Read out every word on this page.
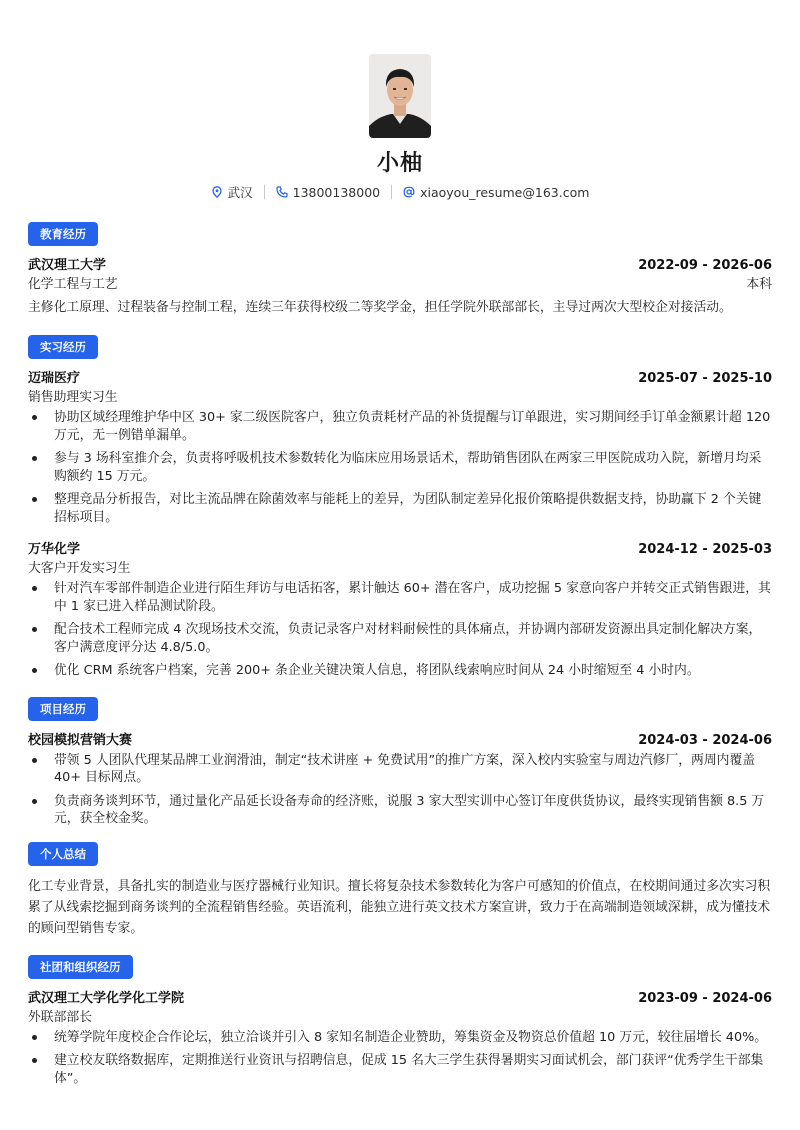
小柚
武汉	13800138000	xiaoyou_resume@163.com
教育经历
武汉理工大学	2022-09 - 2026-06
化学工程与工艺	本科
主修化工原理、过程装备与控制工程，连续三年获得校级二等奖学金，担任学院外联部部长，主导过两次大型校企对接活动。
实习经历
迈瑞医疗	2025-07 - 2025-10
销售助理实习生
协助区域经理维护华中区 30+ 家二级医院客户，独立负责耗材产品的补货提醒与订单跟进，实习期间经手订单金额累计超 120 万元，无一例错单漏单。
参与 3 场科室推介会，负责将呼吸机技术参数转化为临床应用场景话术，帮助销售团队在两家三甲医院成功入院，新增月均采购额约 15 万元。
整理竞品分析报告，对比主流品牌在除菌效率与能耗上的差异，为团队制定差异化报价策略提供数据支持，协助赢下 2 个关键招标项目。
万华化学	2024-12 - 2025-03
大客户开发实习生
针对汽车零部件制造企业进行陌生拜访与电话拓客，累计触达 60+ 潜在客户，成功挖掘 5 家意向客户并转交正式销售跟进，其中 1 家已进入样品测试阶段。
配合技术工程师完成 4 次现场技术交流，负责记录客户对材料耐候性的具体痛点，并协调内部研发资源出具定制化解决方案，客户满意度评分达 4.8/5.0。
优化 CRM 系统客户档案，完善 200+ 条企业关键决策人信息，将团队线索响应时间从 24 小时缩短至 4 小时内。
项目经历
校园模拟营销大赛	2024-03 - 2024-06
带领 5 人团队代理某品牌工业润滑油，制定“技术讲座 + 免费试用”的推广方案，深入校内实验室与周边汽修厂，两周内覆盖 40+ 目标网点。
负责商务谈判环节，通过量化产品延长设备寿命的经济账，说服 3 家大型实训中心签订年度供货协议，最终实现销售额 8.5 万元，获全校金奖。
个人总结
化工专业背景，具备扎实的制造业与医疗器械行业知识。擅长将复杂技术参数转化为客户可感知的价值点，在校期间通过多次实习积累了从线索挖掘到商务谈判的全流程销售经验。英语流利，能独立进行英文技术方案宣讲，致力于在高端制造领域深耕，成为懂技术的顾问型销售专家。
社团和组织经历
武汉理工大学化学化工学院	2023-09 - 2024-06
外联部部长
统筹学院年度校企合作论坛，独立洽谈并引入 8 家知名制造企业赞助，筹集资金及物资总价值超 10 万元，较往届增长 40%。
建立校友联络数据库，定期推送行业资讯与招聘信息，促成 15 名大三学生获得暑期实习面试机会，部门获评“优秀学生干部集体”。
